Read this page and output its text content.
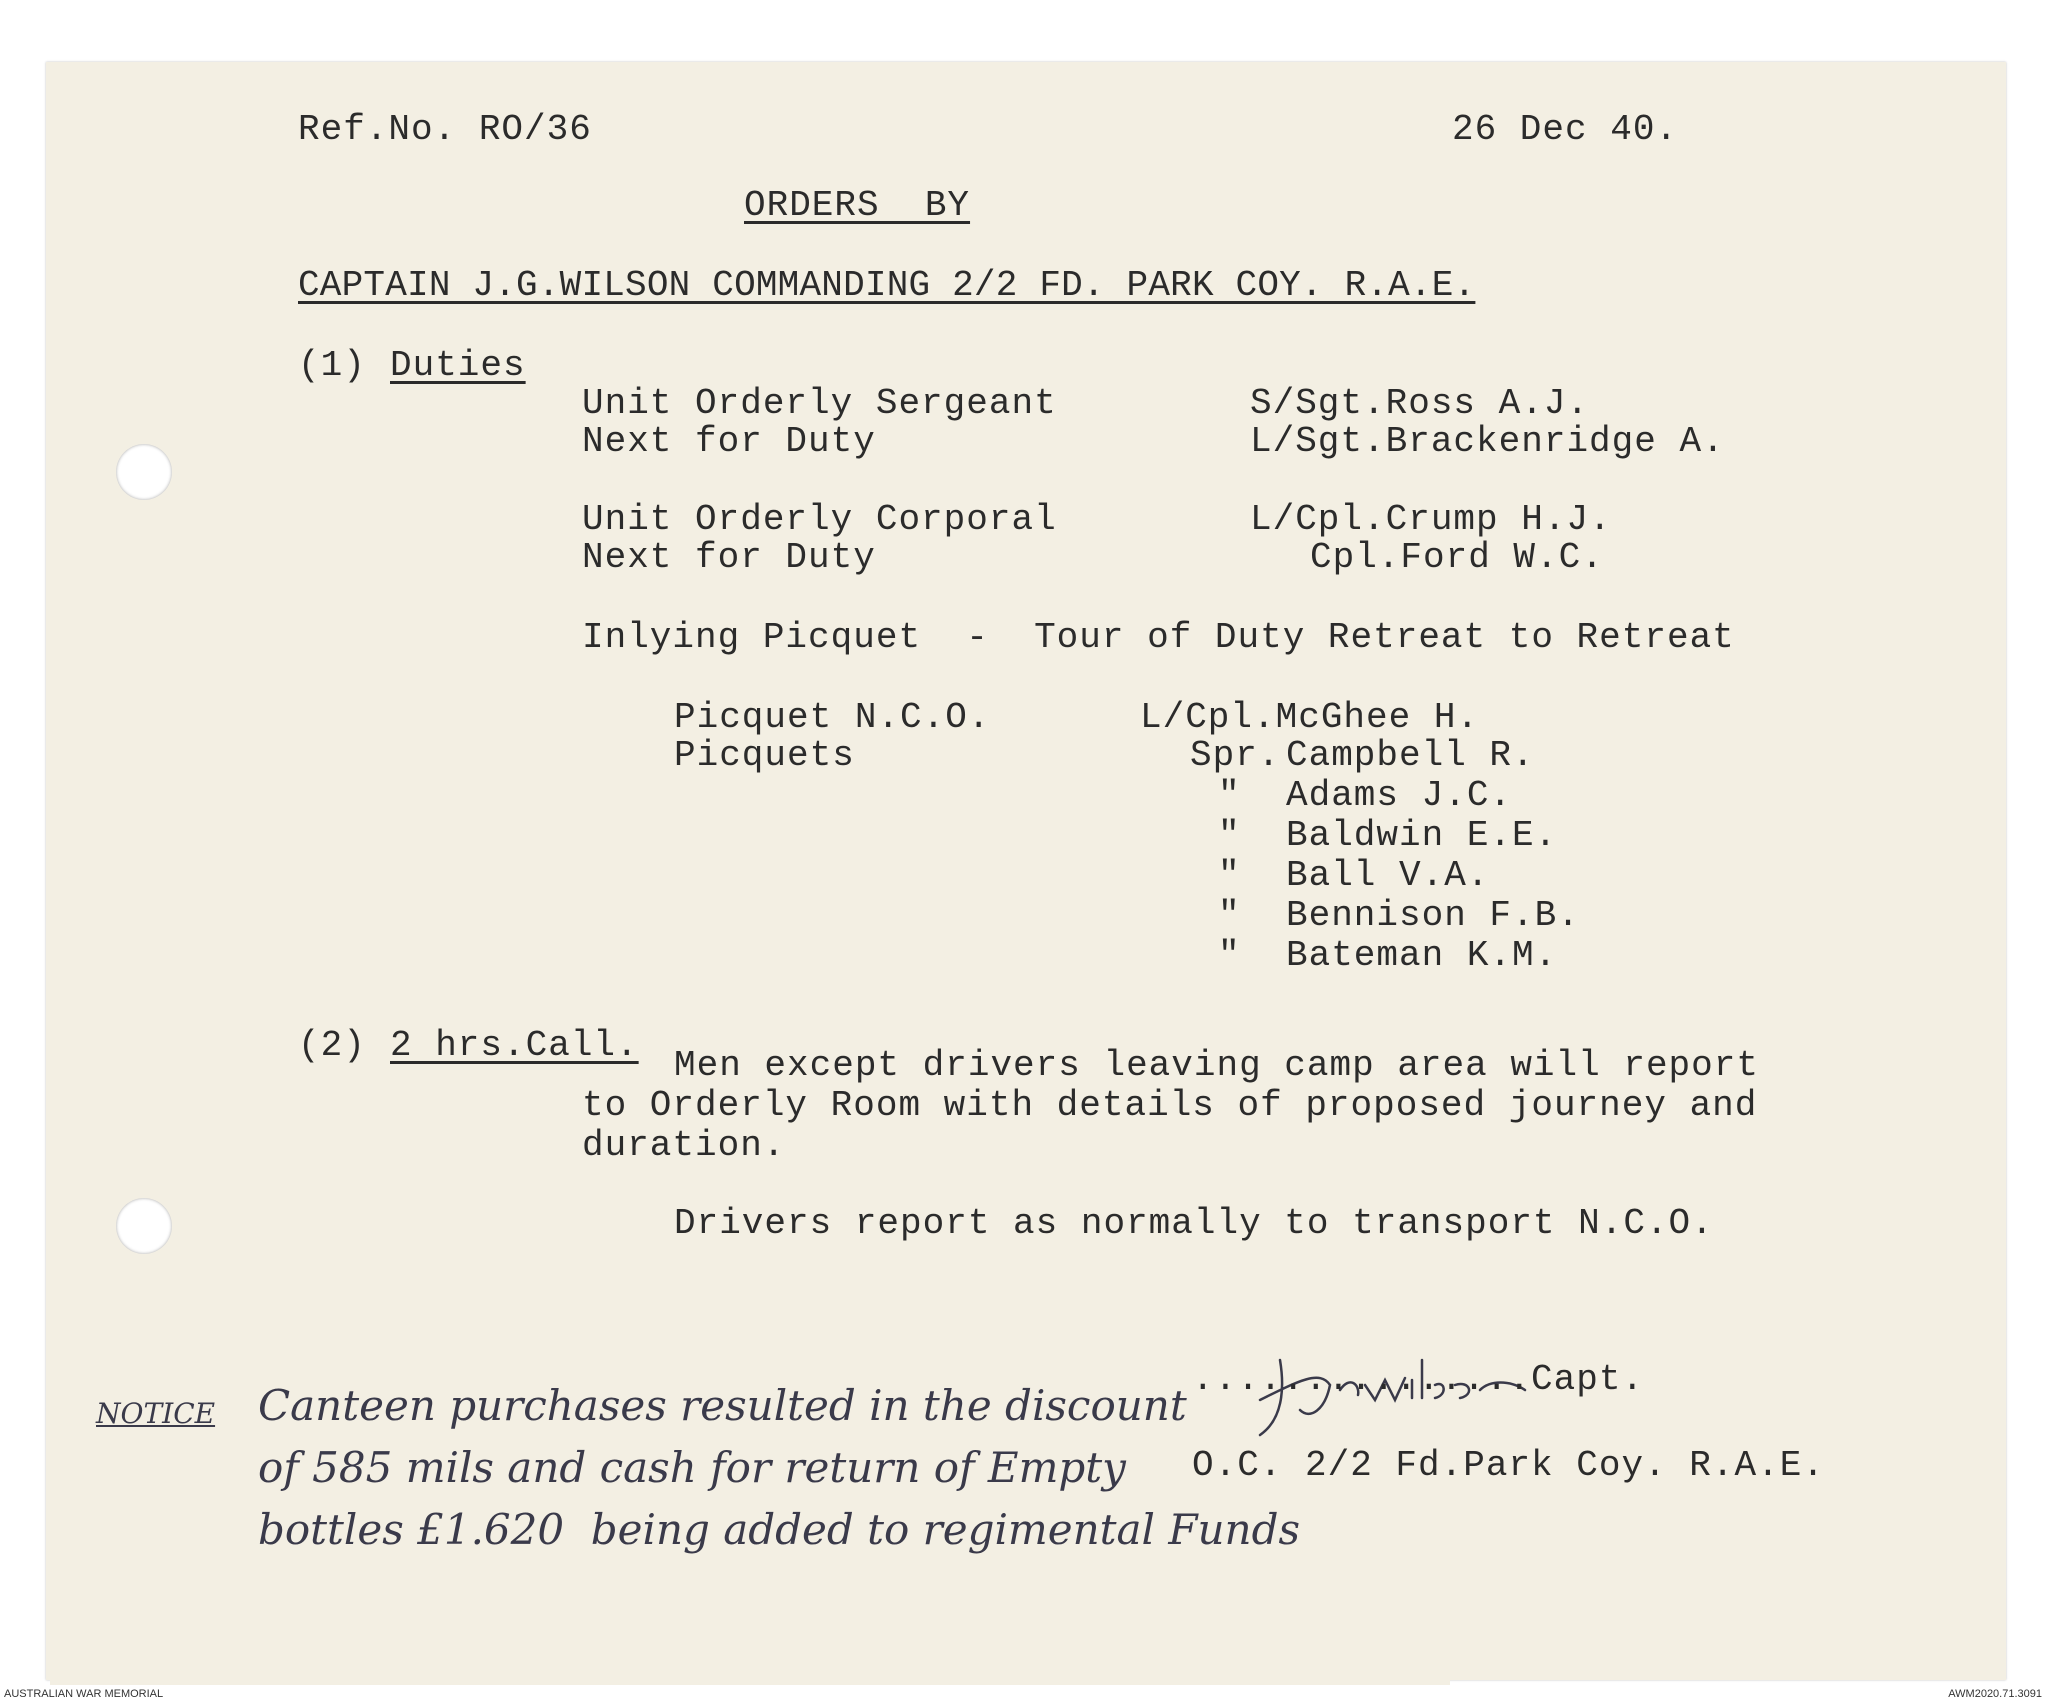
Ref.No. RO/36	26 Dec 40.
ORDERS  BY
CAPTAIN J.G.WILSON COMMANDING 2/2 FD. PARK COY. R.A.E.
(1) Duties
Unit Orderly Sergeant	S/Sgt.Ross A.J.
Next for Duty	L/Sgt.Brackenridge A.
Unit Orderly Corporal	L/Cpl.Crump H.J.
Next for Duty	Cpl.Ford W.C.
Inlying Picquet  -  Tour of Duty Retreat to Retreat
Picquet N.C.O.	L/Cpl.McGhee H.
Picquets	Spr. Campbell R.
" Adams J.C.
" Baldwin E.E.
" Ball V.A.
" Bennison F.B.
" Bateman K.M.
(2) 2 hrs.Call. Men except drivers leaving camp area will report
to Orderly Room with details of proposed journey and
duration.
Drivers report as normally to transport N.C.O.
...............Capt.
O.C. 2/2 Fd.Park Coy. R.A.E.
NOTICE Canteen purchases resulted in the discount
of 585 mils and cash for return of Empty
bottles £1.620  being added to regimental Funds
AUSTRALIAN WAR MEMORIAL	AWM2020.71.3091
